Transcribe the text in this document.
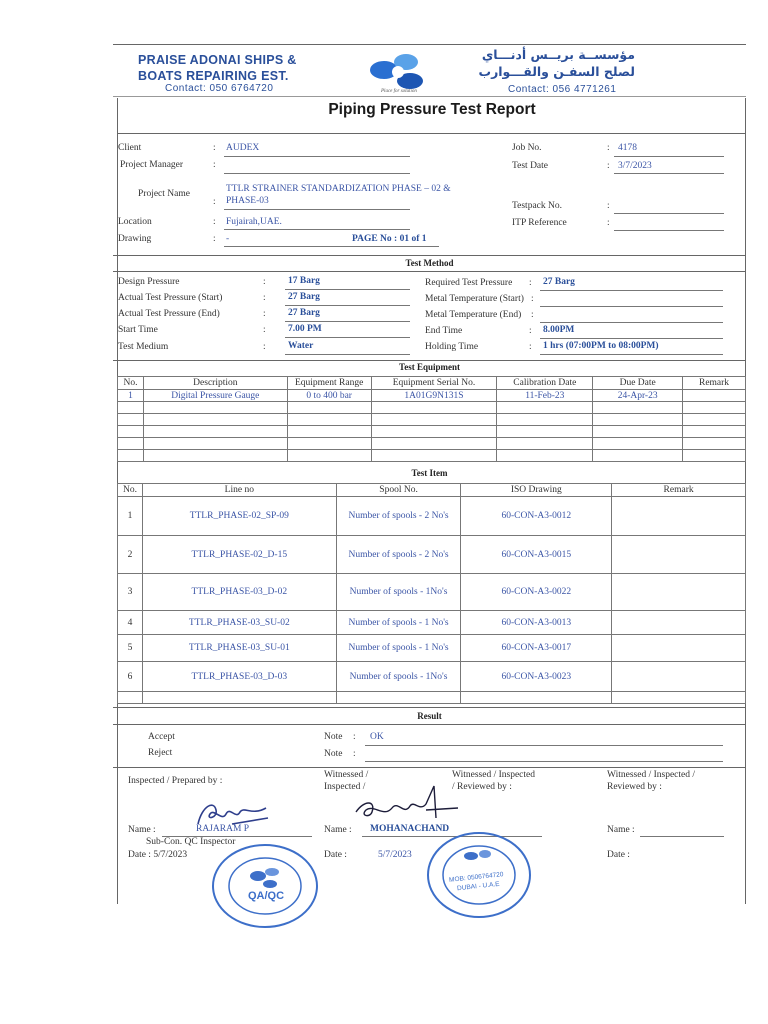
PRAISE ADONAI SHIPS &
BOATS REPAIRING EST.
Contact: 050 6764720	Place for solution
مؤسســة بريــس أدنـــاي
لصلح السفـن والقـــوارب
Contact: 056 4771261
Piping Pressure Test Report
Client	: AUDEX
Project Manager	:
Project Name	TTLR STRAINER STANDARDIZATION PHASE – 02 &
: PHASE-03
Location	: Fujairah,UAE.
Drawing	: -	PAGE No : 01 of 1
Job No.	: 4178
Test Date	: 3/7/2023
Testpack No.	:
ITP Reference	:
Test Method
Design Pressure	: 17 Barg
Actual Test Pressure (Start)	: 27 Barg
Actual Test Pressure (End)	: 27 Barg
Start Time	: 7.00 PM
Test Medium	: Water
Required Test Pressure : 27 Barg
Metal Temperature (Start) :
Metal Temperature (End) :
End Time	: 8.00PM
Holding Time	: 1 hrs (07:00PM to 08:00PM)
Test Equipment
No.	Description	Equipment Range	Equipment Serial No.	Calibration Date	Due Date	Remark
1	Digital Pressure Gauge	0 to 400 bar	1A01G9N131S	11-Feb-23	24-Apr-23	

Test Item
No.	Line no	Spool No.	ISO Drawing	Remark
1	TTLR_PHASE-02_SP-09	Number of spools - 2 No's	60-CON-A3-0012	
2	TTLR_PHASE-02_D-15	Number of spools - 2 No's	60-CON-A3-0015	
3	TTLR_PHASE-03_D-02	Number of spools - 1No's	60-CON-A3-0022	
4	TTLR_PHASE-03_SU-02	Number of spools - 1 No's	60-CON-A3-0013	
5	TTLR_PHASE-03_SU-01	Number of spools - 1 No's	60-CON-A3-0017	
6	TTLR_PHASE-03_D-03	Number of spools - 1No's	60-CON-A3-0023	

Result
Accept
Reject
Note : OK
Note :
Inspected / Prepared by :
Witnessed /
Inspected /
Witnessed / Inspected
/ Reviewed by :
Witnessed / Inspected /
Reviewed by :
Name :	RAJARAM P
Sub-Con. QC Inspector
Date : 5/7/2023
Name : MOHANACHAND
Date :	5/7/2023
Name :
Date :
QA/QC
MOB: 0506764720
DUBAI - U.A.E
